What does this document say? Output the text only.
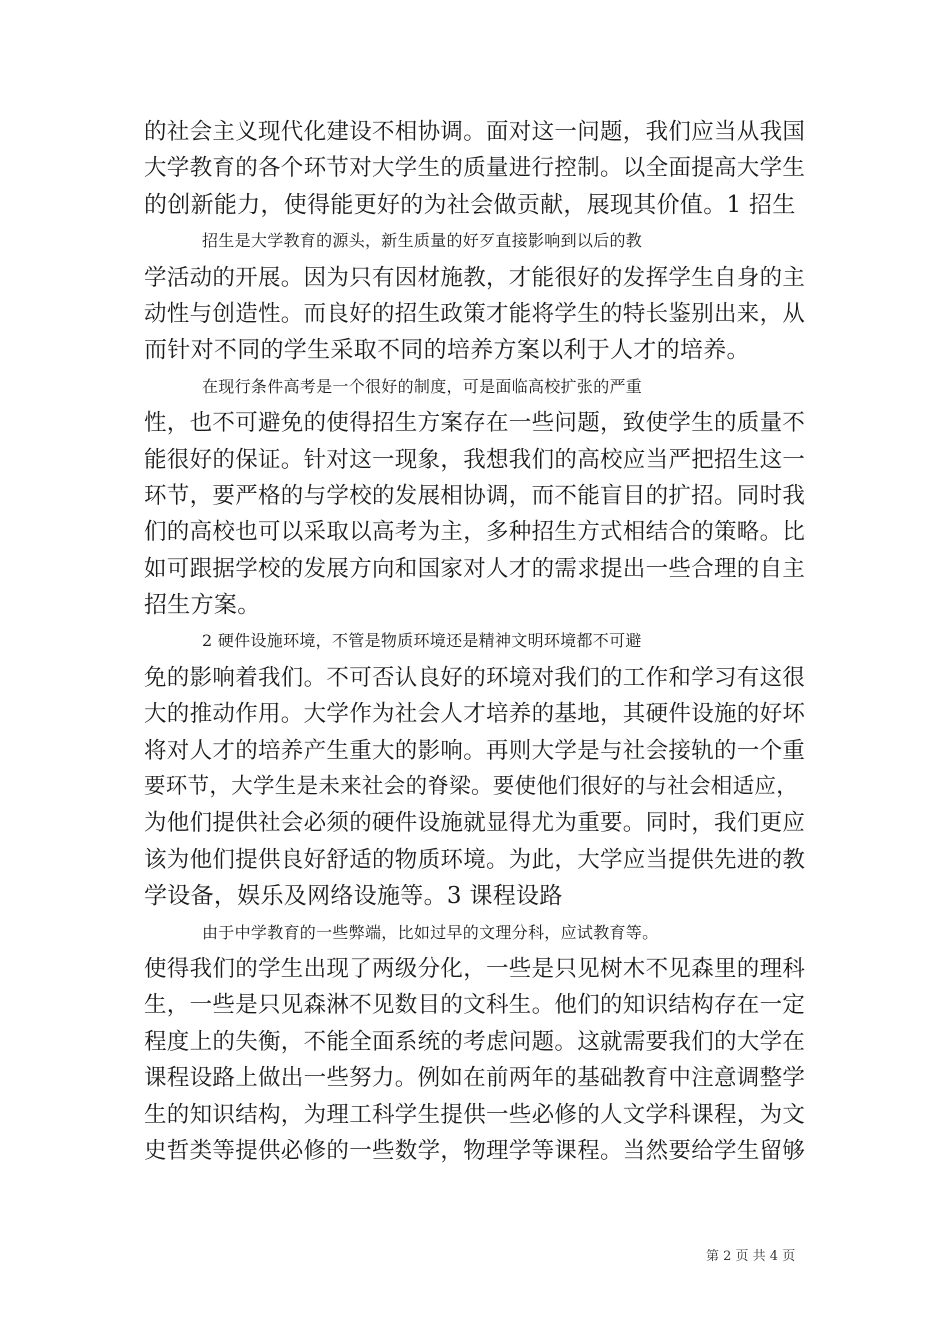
的社会主义现代化建设不相协调。面对这一问题，我们应当从我国
大学教育的各个环节对大学生的质量进行控制。以全面提高大学生
的创新能力，使得能更好的为社会做贡献，展现其价值。1 招生
招生是大学教育的源头，新生质量的好歹直接影响到以后的教
学活动的开展。因为只有因材施教，才能很好的发挥学生自身的主
动性与创造性。而良好的招生政策才能将学生的特长鉴别出来，从
而针对不同的学生采取不同的培养方案以利于人才的培养。
在现行条件高考是一个很好的制度，可是面临高校扩张的严重
性，也不可避免的使得招生方案存在一些问题，致使学生的质量不
能很好的保证。针对这一现象，我想我们的高校应当严把招生这一
环节，要严格的与学校的发展相协调，而不能盲目的扩招。同时我
们的高校也可以采取以高考为主，多种招生方式相结合的策略。比
如可跟据学校的发展方向和国家对人才的需求提出一些合理的自主
招生方案。
2 硬件设施环境，不管是物质环境还是精神文明环境都不可避
免的影响着我们。不可否认良好的环境对我们的工作和学习有这很
大的推动作用。大学作为社会人才培养的基地，其硬件设施的好坏
将对人才的培养产生重大的影响。再则大学是与社会接轨的一个重
要环节，大学生是未来社会的脊梁。要使他们很好的与社会相适应，
为他们提供社会必须的硬件设施就显得尤为重要。同时，我们更应
该为他们提供良好舒适的物质环境。为此，大学应当提供先进的教
学设备，娱乐及网络设施等。3 课程设路
由于中学教育的一些弊端，比如过早的文理分科，应试教育等。
使得我们的学生出现了两级分化，一些是只见树木不见森里的理科
生，一些是只见森淋不见数目的文科生。他们的知识结构存在一定
程度上的失衡，不能全面系统的考虑问题。这就需要我们的大学在
课程设路上做出一些努力。例如在前两年的基础教育中注意调整学
生的知识结构，为理工科学生提供一些必修的人文学科课程，为文
史哲类等提供必修的一些数学，物理学等课程。当然要给学生留够
第 2 页 共 4 页
